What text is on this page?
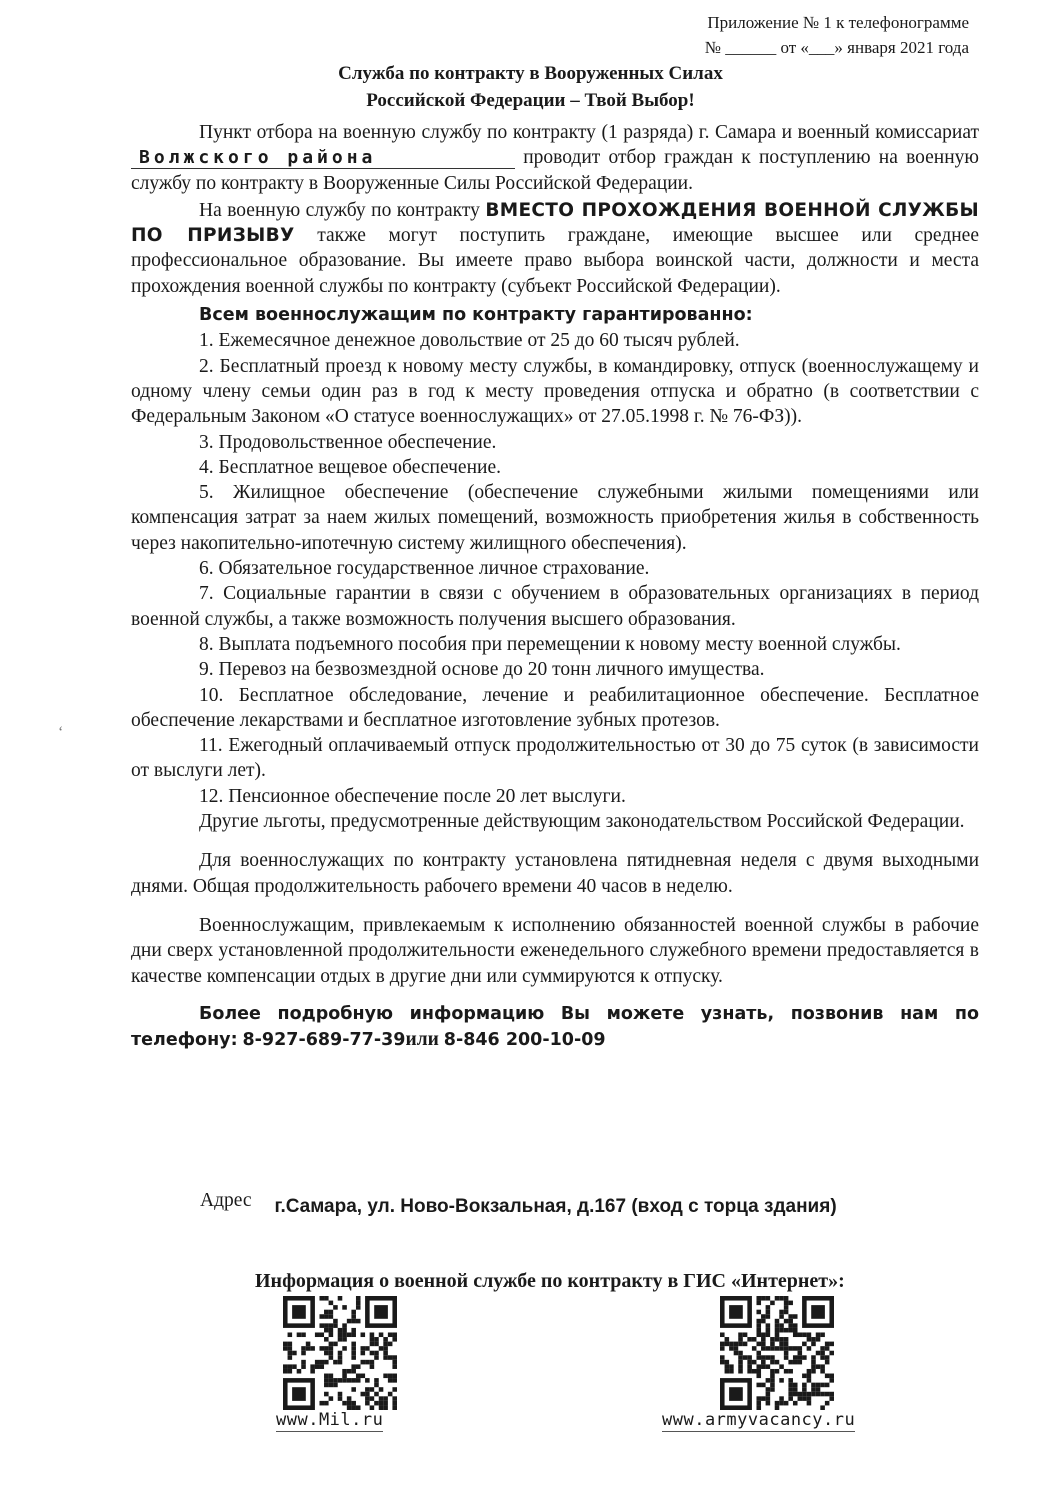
Приложение № 1 к телефонограмме
№ ______ от «___» января 2021 года
Служба по контракту в Вооруженных Силах
Российской Федерации – Твой Выбор!

Пункт отбора на военную службу по контракту (1 разряда) г. Самара и военный комиссариат Волжского района	проводит отбор граждан к поступлению на военную службу по контракту в Вооруженные Силы Российской Федерации.

На военную службу по контракту ВМЕСТО ПРОХОЖДЕНИЯ ВОЕННОЙ СЛУЖБЫ ПО ПРИЗЫВУ также могут поступить граждане, имеющие высшее или среднее профессиональное образование. Вы имеете право выбора воинской части, должности и места прохождения военной службы по контракту (субъект Российской Федерации).

Всем военнослужащим по контракту гарантированно:

1. Ежемесячное денежное довольствие от 25 до 60 тысяч рублей.

2. Бесплатный проезд к новому месту службы, в командировку, отпуск (военнослужащему и одному члену семьи один раз в год к месту проведения отпуска и обратно (в соответствии с Федеральным Законом «О статусе военнослужащих» от 27.05.1998 г. № 76-ФЗ)).

3. Продовольственное обеспечение.

4. Бесплатное вещевое обеспечение.

5. Жилищное обеспечение (обеспечение служебными жилыми помещениями или компенсация затрат за наем жилых помещений, возможность приобретения жилья в собственность через накопительно-ипотечную систему жилищного обеспечения).

6. Обязательное государственное личное страхование.

7. Социальные гарантии в связи с обучением в образовательных организациях в период военной службы, а также возможность получения высшего образования.

8. Выплата подъемного пособия при перемещении к новому месту военной службы.

9. Перевоз на безвозмездной основе до 20 тонн личного имущества.

10. Бесплатное обследование, лечение и реабилитационное обеспечение. Бесплатное обеспечение лекарствами и бесплатное изготовление зубных протезов.

11. Ежегодный оплачиваемый отпуск продолжительностью от 30 до 75 суток (в зависимости от выслуги лет).

12. Пенсионное обеспечение после 20 лет выслуги.

Другие льготы, предусмотренные действующим законодательством Российской Федерации.

Для военнослужащих по контракту установлена пятидневная неделя с двумя выходными днями. Общая продолжительность рабочего времени 40 часов в неделю.

Военнослужащим, привлекаемым к исполнению обязанностей военной службы в рабочие дни сверх установленной продолжительности еженедельного служебного времени предоставляется в качестве компенсации отдых в другие дни или суммируются к отпуску.

Более подробную информацию Вы можете узнать, позвонив нам по телефону: 8-927-689-77-39или 8-846 200-10-09

Адрес г.Самара, ул. Ново-Вокзальная, д.167 (вход с торца здания)
Информация о военной службе по контракту в ГИС «Интернет»:
www.Mil.ru	www.armyvacancy.ru
‘
